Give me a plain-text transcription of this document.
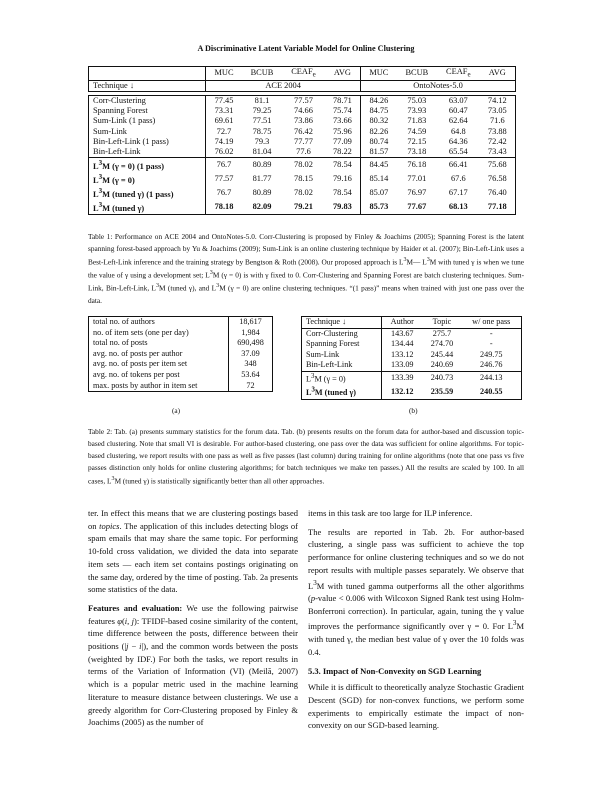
A Discriminative Latent Variable Model for Online Clustering
	MUC	BCUB	$CEAF_e$	AVG	MUC	BCUB	$CEAF_e$	AVG
Technique ↓	ACE 2004				OntoNotes-5.0			

Corr-Clustering	77.45	81.1	77.57	78.71	84.26	75.03	63.07	74.12
Spanning Forest	73.31	79.25	74.66	75.74	84.75	73.93	60.47	73.05
Sum-Link (1 pass)	69.61	77.51	73.86	73.66	80.32	71.83	62.64	71.6
Sum-Link	72.7	78.75	76.42	75.96	82.26	74.59	64.8	73.88
Bin-Left-Link (1 pass)	74.19	79.3	77.77	77.09	80.74	72.15	64.36	72.42
Bin-Left-Link	76.02	81.04	77.6	78.22	81.57	73.18	65.54	73.43
$L^3M$ (γ = 0) (1 pass)	76.7	80.89	78.02	78.54	84.45	76.18	66.41	75.68
$L^3M$ (γ = 0)	77.57	81.77	78.15	79.16	85.14	77.01	67.6	76.58
$L^3M$ (tuned γ) (1 pass)	76.7	80.89	78.02	78.54	85.07	76.97	67.17	76.40
$L^3M$ (tuned γ)	78.18	82.09	79.21	79.83	85.73	77.67	68.13	77.18
Table 1: Performance on ACE 2004 and OntoNotes-5.0. Corr-Clustering is proposed by Finley & Joachims (2005); Spanning Forest is the latent spanning forest-based approach by Yu & Joachims (2009); Sum-Link is an online clustering technique by Haider et al. (2007); Bin-Left-Link uses a Best-Left-Link inference and the training strategy by Bengtson & Roth (2008). Our proposed approach is $L^3M—$ $L^3M$ with tuned γ is when we tune the value of γ using a development set; $L^3M$ (γ = 0) is with γ fixed to 0. Corr-Clustering and Spanning Forest are batch clustering techniques. Sum-Link, Bin-Left-Link, $L^3M$ (tuned γ), and $L^3M$ (γ = 0) are online clustering techniques. “(1 pass)” means when trained with just one pass over the data.
total no. of authors	18,617
no. of item sets (one per day)	1,984
total no. of posts	690,498
avg. no. of posts per author	37.09
avg. no. of posts per item set	348
avg. no. of tokens per post	53.64
max. posts by author in item set	72
(a)
Technique ↓	Author	Topic	w/ one pass
Corr-Clustering	143.67	275.7	-
Spanning Forest	134.44	274.70	-
Sum-Link	133.12	245.44	249.75
Bin-Left-Link	133.09	240.69	246.76
$L^3M$ (γ = 0)	133.39	240.73	244.13
$L^3M$ (tuned γ)	132.12	235.59	240.55
(b)
Table 2: Tab. (a) presents summary statistics for the forum data. Tab. (b) presents results on the forum data for author-based and discussion topic-based clustering. Note that small VI is desirable. For author-based clustering, one pass over the data was sufficient for online algorithms. For topic-based clustering, we report results with one pass as well as five passes (last column) during training for online algorithms (note that one pass vs five passes distinction only holds for online clustering algorithms; for batch techniques we make ten passes.) All the results are scaled by 100. In all cases, $L^3M$ (tuned γ) is statistically significantly better than all other approaches.

ter. In effect this means that we are clustering postings based on topics. The application of this includes detecting blogs of spam emails that may share the same topic. For performing 10-fold cross validation, we divided the data into separate item sets — each item set contains postings originating on the same day, ordered by the time of posting. Tab. 2a presents some statistics of the data.

Features and evaluation: We use the following pairwise features φ(i, j): TFIDF-based cosine similarity of the content, time difference between the posts, difference between their positions (|j − i|), and the common words between the posts (weighted by IDF.) For both the tasks, we report results in terms of the Variation of Information (VI) (Meilă, 2007) which is a popular metric used in the machine learning literature to measure distance between clusterings. We use a greedy algorithm for Corr-Clustering proposed by Finley & Joachims (2005) as the number of

items in this task are too large for ILP inference.

The results are reported in Tab. 2b. For author-based clustering, a single pass was sufficient to achieve the top performance for online clustering techniques and so we do not report results with multiple passes separately. We observe that $L^3M$ with tuned gamma outperforms all the other algorithms (p-value < 0.006 with Wilcoxon Signed Rank test using Holm-Bonferroni correction). In particular, again, tuning the γ value improves the performance significantly over γ = 0. For $L^3M$ with tuned γ, the median best value of γ over the 10 folds was 0.4.

5.3. Impact of Non-Convexity on SGD Learning

While it is difficult to theoretically analyze Stochastic Gradient Descent (SGD) for non-convex functions, we perform some experiments to empirically estimate the impact of non-convexity on our SGD-based learning.
